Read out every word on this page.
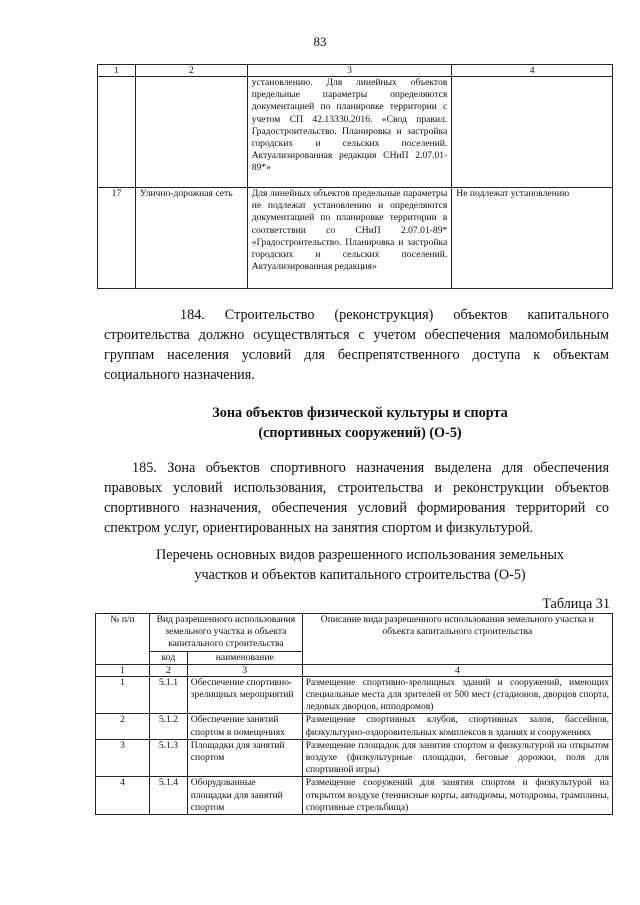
83
1	2	3	4
		установлению. Для линейных объектов предельные параметры определяются документацией по планировке территории с учетом СП 42.13330.2016. «Свод правил. Градостроительство. Планировка и застройка городских и сельских поселений. Актуализированная редакция СНиП 2.07.01-89*»	
17	Улично-дорожная сеть	Для линейных объектов предельные параметры не подлежат установлению и определяются документацией по планировке территории в соответствии со СНиП 2.07.01-89* «Градостроительство. Планировка и застройка городских и сельских поселений. Актуализированная редакция»	Не подлежат установлению

184. Строительство (реконструкция) объектов капитального строительства должно осуществляться с учетом обеспечения маломобильным группам населения условий для беспрепятственного доступа к объектам социального назначения.

Зона объектов физической культуры и спорта

(спортивных сооружений) (О-5)

185. Зона объектов спортивного назначения выделена для обеспечения правовых условий использования, строительства и реконструкции объектов спортивного назначения, обеспечения условий формирования территорий со спектром услуг, ориентированных на занятия спортом и физкультурой.

Перечень основных видов разрешенного использования земельных

участков и объектов капитального строительства (О-5)

Таблица 31
№ п/п	Вид разрешенного использования земельного участка и объекта капитального строительства		Описание вида разрешенного использования земельного участка и объекта капитального строительства
	код	наименование	
1	2	3	4
1	5.1.1	Обеспечение спортивно-зрелищных мероприятий	Размещение спортивно-зрелищных зданий и сооружений, имеющих специальные места для зрителей от 500 мест (стадионов, дворцов спорта, ледовых дворцов, ипподромов)
2	5.1.2	Обеспечение занятий спортом в помещениях	Размещение спортивных клубов, спортивных залов, бассейнов, физкультурно-оздоровительных комплексов в зданиях и сооружениях
3	5.1.3	Площадки для занятий спортом	Размещение площадок для занятия спортом и физкультурой на открытом воздухе (физкультурные площадки, беговые дорожки, поля для спортивной игры)
4	5.1.4	Оборудованные площадки для занятий спортом	Размещение сооружений для занятия спортом и физкультурой на открытом воздухе (теннисные корты, автодромы, мотодромы, трамплины, спортивные стрельбища)
